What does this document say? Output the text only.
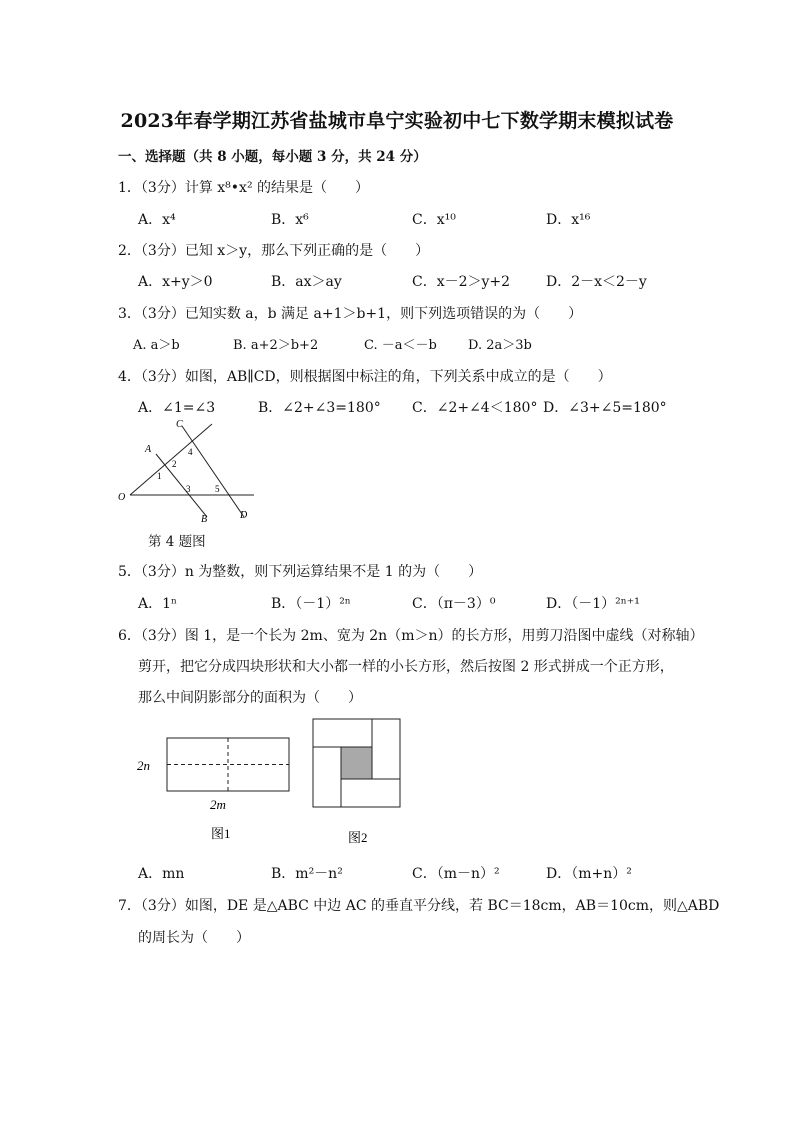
2023年春学期江苏省盐城市阜宁实验初中七下数学期末模拟试卷
一、选择题（共 8 小题，每小题 3 分，共 24 分）
1．（3分）计算 x⁸•x² 的结果是（　　）
A．x⁴	B．x⁶	C．x¹⁰	D．x¹⁶
2．（3分）已知 x＞y，那么下列正确的是（　　）
A．x+y＞0	B．ax＞ay	C．x－2＞y+2	D．2－x＜2－y
3．（3分）已知实数 a，b 满足 a+1＞b+1，则下列选项错误的为（　　）
A. a＞b	B. a+2＞b+2	C. －a＜－b D. 2a＞3b
4．（3分）如图，AB∥CD，则根据图中标注的角，下列关系中成立的是（　　）
A．∠1=∠3	B．∠2+∠3=180° C．∠2+∠4＜180° D．∠3+∠5=180°
C
A
2
4
1
3	5
O
B	D
第 4 题图
5．（3分）n 为整数，则下列运算结果不是 1 的为（　　）
A．1ⁿ	B．（－1）²ⁿ	C．（π－3）⁰	D．（－1）²ⁿ⁺¹
6．（3分）图 1，是一个长为 2m、宽为 2n（m＞n）的长方形，用剪刀沿图中虚线（对称轴）
剪开，把它分成四块形状和大小都一样的小长方形，然后按图 2 形式拼成一个正方形，
那么中间阴影部分的面积为（　　）
2n
2m
图1	图2
A．mn	B．m²－n²	C．（m－n）²	D．（m+n）²
7．（3分）如图，DE 是△ABC 中边 AC 的垂直平分线，若 BC＝18cm，AB＝10cm，则△ABD
的周长为（　　）
